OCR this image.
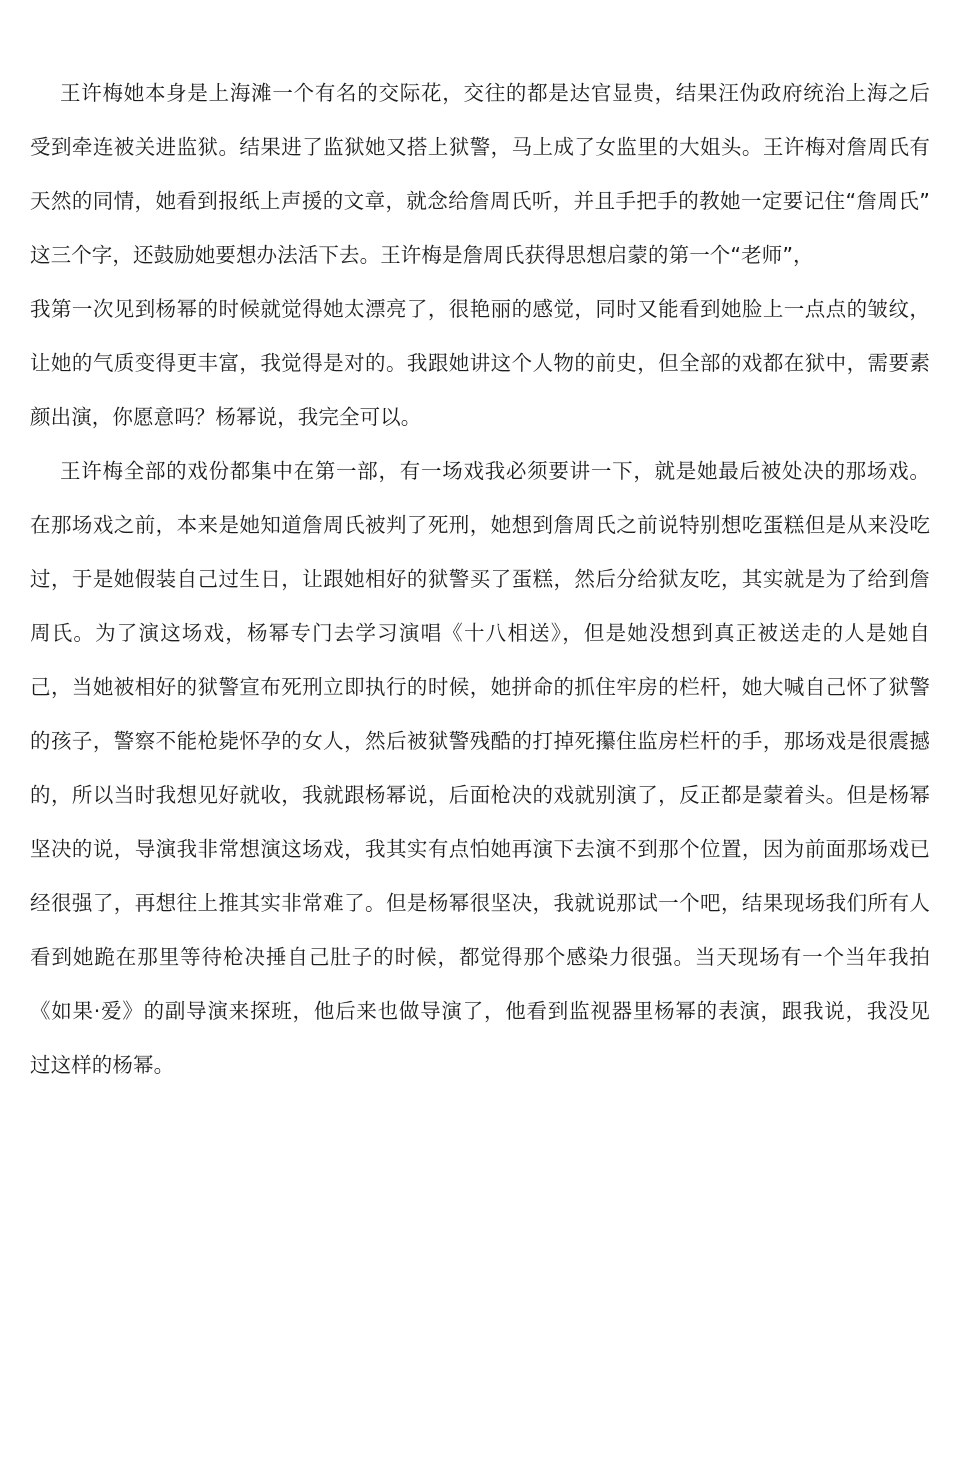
王许梅她本身是上海滩一个有名的交际花，交往的都是达官显贵，结果汪伪政府统治上海之后
受到牵连被关进监狱。结果进了监狱她又搭上狱警，马上成了女监里的大姐头。王许梅对詹周氏有
天然的同情，她看到报纸上声援的文章，就念给詹周氏听，并且手把手的教她一定要记住“詹周氏”
这三个字，还鼓励她要想办法活下去。王许梅是詹周氏获得思想启蒙的第一个“老师”，
我第一次见到杨幂的时候就觉得她太漂亮了，很艳丽的感觉，同时又能看到她脸上一点点的皱纹，
让她的气质变得更丰富，我觉得是对的。我跟她讲这个人物的前史，但全部的戏都在狱中，需要素
颜出演，你愿意吗？杨幂说，我完全可以。
王许梅全部的戏份都集中在第一部，有一场戏我必须要讲一下，就是她最后被处决的那场戏。
在那场戏之前，本来是她知道詹周氏被判了死刑，她想到詹周氏之前说特别想吃蛋糕但是从来没吃
过，于是她假装自己过生日，让跟她相好的狱警买了蛋糕，然后分给狱友吃，其实就是为了给到詹
周氏。为了演这场戏，杨幂专门去学习演唱《十八相送》，但是她没想到真正被送走的人是她自
己，当她被相好的狱警宣布死刑立即执行的时候，她拼命的抓住牢房的栏杆，她大喊自己怀了狱警
的孩子，警察不能枪毙怀孕的女人，然后被狱警残酷的打掉死攥住监房栏杆的手，那场戏是很震撼
的，所以当时我想见好就收，我就跟杨幂说，后面枪决的戏就别演了，反正都是蒙着头。但是杨幂
坚决的说，导演我非常想演这场戏，我其实有点怕她再演下去演不到那个位置，因为前面那场戏已
经很强了，再想往上推其实非常难了。但是杨幂很坚决，我就说那试一个吧，结果现场我们所有人
看到她跪在那里等待枪决捶自己肚子的时候，都觉得那个感染力很强。当天现场有一个当年我拍
《如果·爱》的副导演来探班，他后来也做导演了，他看到监视器里杨幂的表演，跟我说，我没见
过这样的杨幂。
